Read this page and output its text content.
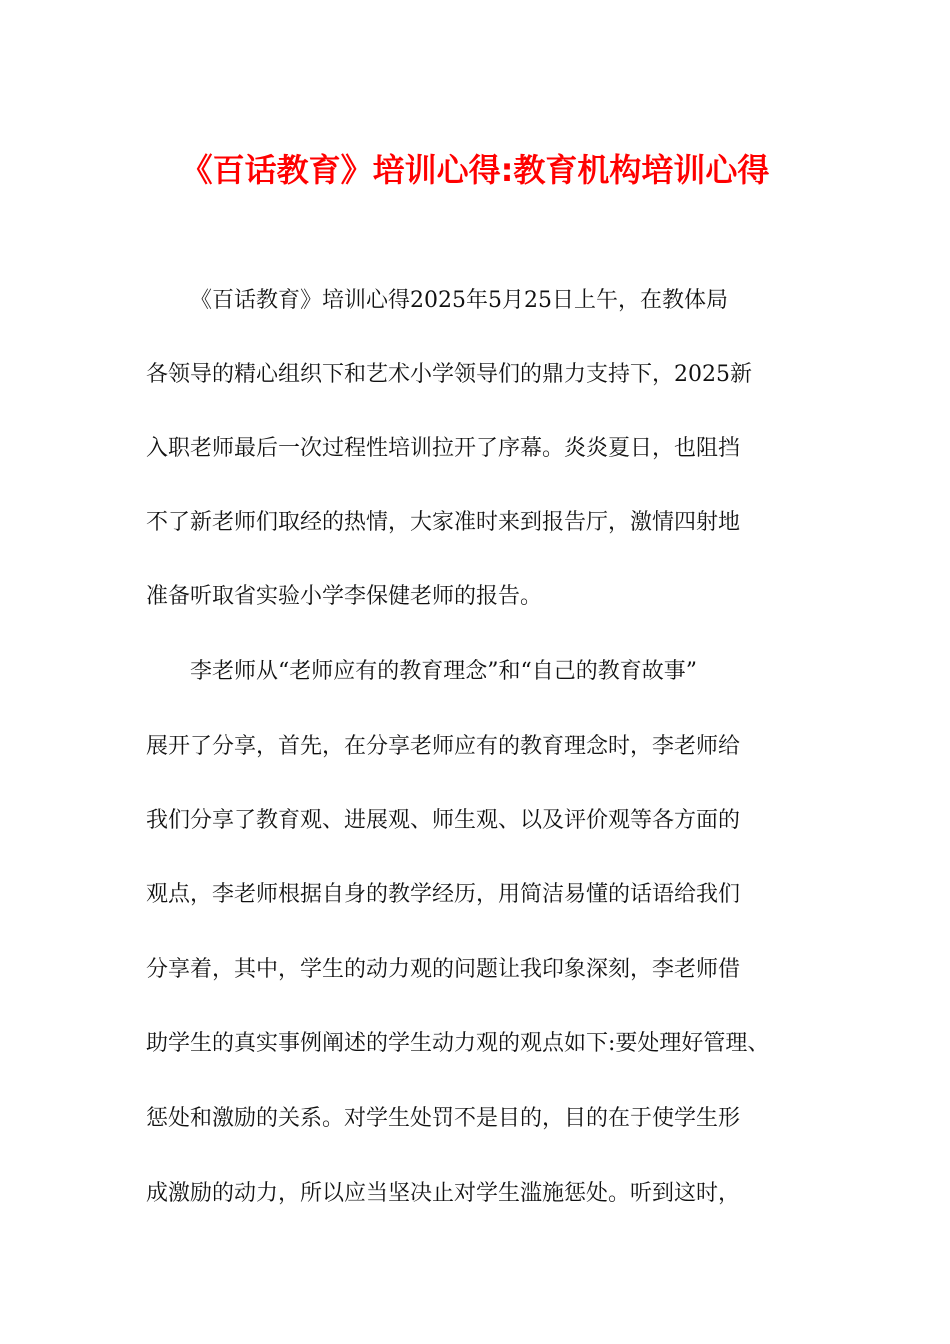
《百话教育》培训心得:教育机构培训心得

《百话教育》培训心得2025年5月25日上午，在教体局

各领导的精心组织下和艺术小学领导们的鼎力支持下，2025新

入职老师最后一次过程性培训拉开了序幕。炎炎夏日，也阻挡

不了新老师们取经的热情，大家准时来到报告厅，激情四射地

准备听取省实验小学李保健老师的报告。

李老师从“老师应有的教育理念”和“自己的教育故事”

展开了分享，首先，在分享老师应有的教育理念时，李老师给

我们分享了教育观、进展观、师生观、以及评价观等各方面的

观点，李老师根据自身的教学经历，用简洁易懂的话语给我们

分享着，其中，学生的动力观的问题让我印象深刻，李老师借

助学生的真实事例阐述的学生动力观的观点如下:要处理好管理、

惩处和激励的关系。对学生处罚不是目的，目的在于使学生形

成激励的动力，所以应当坚决止对学生滥施惩处。听到这时，
